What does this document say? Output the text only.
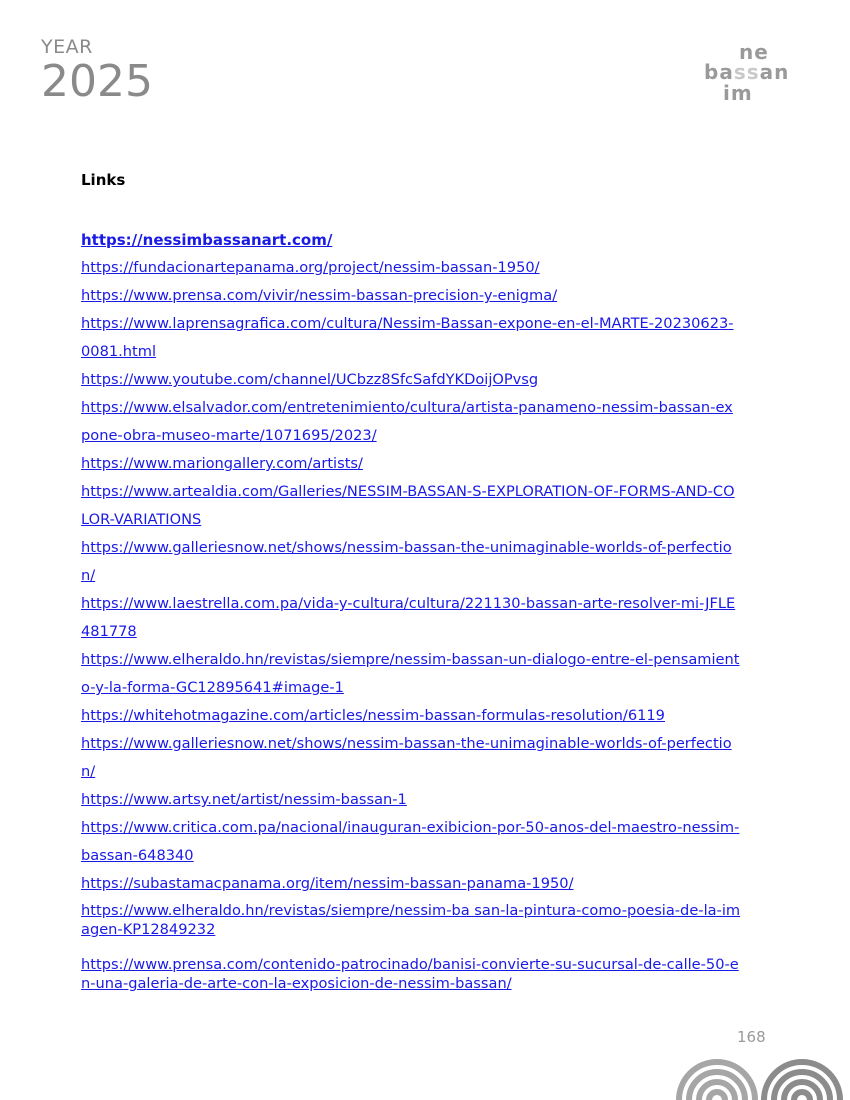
YEAR
2025
ne
bassan
im
Links
https://nessimbassanart.com/
https://fundacionartepanama.org/project/nessim-bassan-1950/
https://www.prensa.com/vivir/nessim-bassan-precision-y-enigma/
https://www.laprensagrafica.com/cultura/Nessim-Bassan-expone-en-el-MARTE-20230623-0081.html
https://www.youtube.com/channel/UCbzz8SfcSafdYKDoijOPvsg
https://www.elsalvador.com/entretenimiento/cultura/artista-panameno-nessim-bassan-expone-obra-museo-marte/1071695/2023/
https://www.mariongallery.com/artists/
https://www.artealdia.com/Galleries/NESSIM-BASSAN-S-EXPLORATION-OF-FORMS-AND-COLOR-VARIATIONS
https://www.galleriesnow.net/shows/nessim-bassan-the-unimaginable-worlds-of-perfection/
https://www.laestrella.com.pa/vida-y-cultura/cultura/221130-bassan-arte-resolver-mi-JFLE481778
https://www.elheraldo.hn/revistas/siempre/nessim-bassan-un-dialogo-entre-el-pensamiento-y-la-forma-GC12895641#image-1
https://whitehotmagazine.com/articles/nessim-bassan-formulas-resolution/6119
https://www.galleriesnow.net/shows/nessim-bassan-the-unimaginable-worlds-of-perfection/
https://www.artsy.net/artist/nessim-bassan-1
https://www.critica.com.pa/nacional/inauguran-exibicion-por-50-anos-del-maestro-nessim-bassan-648340
https://subastamacpanama.org/item/nessim-bassan-panama-1950/
https://www.elheraldo.hn/revistas/siempre/nessim-ba san-la-pintura-como-poesia-de-la-imagen-KP12849232
https://www.prensa.com/contenido-patrocinado/banisi-convierte-su-sucursal-de-calle-50-en-una-galeria-de-arte-con-la-exposicion-de-nessim-bassan/
168
